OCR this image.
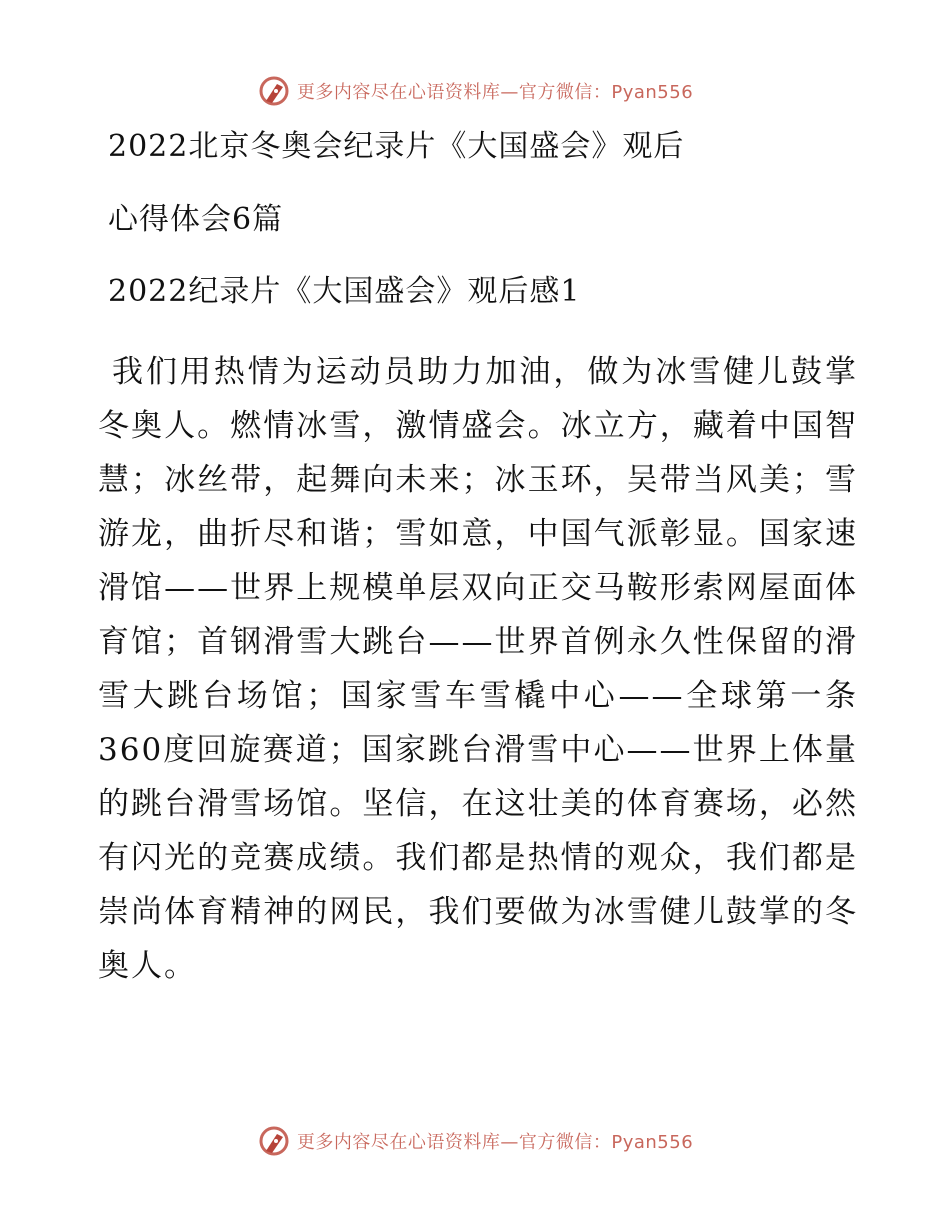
更多内容尽在心语资料库—官方微信：Pyan556
2022北京冬奥会纪录片《大国盛会》观后
心得体会6篇
2022纪录片《大国盛会》观后感1
我们用热情为运动员助力加油，做为冰雪健儿鼓掌冬奥人。燃情冰雪，激情盛会。冰立方，藏着中国智慧；冰丝带，起舞向未来；冰玉环，吴带当风美；雪游龙，曲折尽和谐；雪如意，中国气派彰显。国家速滑馆——世界上规模单层双向正交马鞍形索网屋面体育馆；首钢滑雪大跳台——世界首例永久性保留的滑雪大跳台场馆；国家雪车雪橇中心——全球第一条360度回旋赛道；国家跳台滑雪中心——世界上体量的跳台滑雪场馆。坚信，在这壮美的体育赛场，必然有闪光的竞赛成绩。我们都是热情的观众，我们都是崇尚体育精神的网民，我们要做为冰雪健儿鼓掌的冬奥人。
更多内容尽在心语资料库—官方微信：Pyan556
